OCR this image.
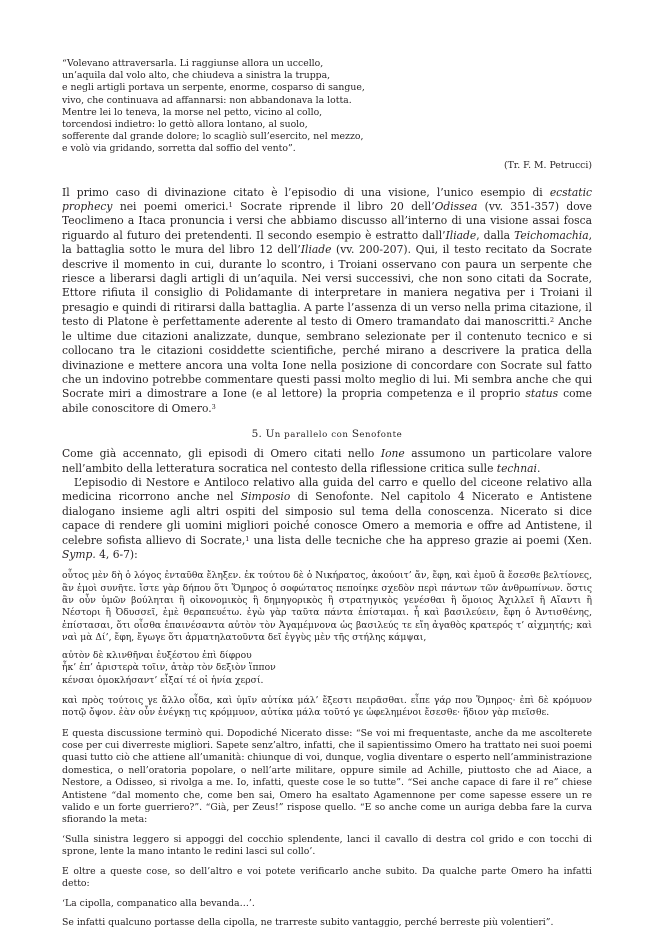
“Volevano attraversarla. Li raggiunse allora un uccello,
un’aquila dal volo alto, che chiudeva a sinistra la truppa,
e negli artigli portava un serpente, enorme, cosparso di sangue,
vivo, che continuava ad affannarsi: non abbandonava la lotta.
Mentre lei lo teneva, la morse nel petto, vicino al collo,
torcendosi indietro: lo gettò allora lontano, al suolo,
sofferente dal grande dolore; lo scagliò sull’esercito, nel mezzo,
e volò via gridando, sorretta dal soffio del vento”.
(Tr. F. M. Petrucci)

Il primo caso di divinazione citato è l’episodio di una visione, l’unico esempio di ecstatic prophecy nei poemi omerici.$^1$ Socrate riprende il libro 20 dell’Odissea (vv. 351-357) dove Teoclimeno a Itaca pronuncia i versi che abbiamo discusso all’interno di una visione assai fosca riguardo al futuro dei pretendenti. Il secondo esempio è estratto dall’Iliade, dalla Teichomachia, la battaglia sotto le mura del libro 12 dell’Iliade (vv. 200-207). Qui, il testo recitato da Socrate descrive il momento in cui, durante lo scontro, i Troiani osservano con paura un serpente che riesce a liberarsi dagli artigli di un’aquila. Nei versi successivi, che non sono citati da Socrate, Ettore rifiuta il consiglio di Polidamante di interpretare in maniera negativa per i Troiani il presagio e quindi di ritirarsi dalla battaglia. A parte l’assenza di un verso nella prima citazione, il testo di Platone è perfettamente aderente al testo di Omero tramandato dai manoscritti.$^2$ Anche le ultime due citazioni analizzate, dunque, sembrano selezionate per il contenuto tecnico e si collocano tra le citazioni cosiddette scientifiche, perché mirano a descrivere la pratica della divinazione e mettere ancora una volta Ione nella posizione di concordare con Socrate sul fatto che un indovino potrebbe commentare questi passi molto meglio di lui. Mi sembra anche che qui Socrate miri a dimostrare a Ione (e al lettore) la propria competenza e il proprio status come abile conoscitore di Omero.$^3$

5. Un parallelo con Senofonte

Come già accennato, gli episodi di Omero citati nello Ione assumono un particolare valore nell’ambito della letteratura socratica nel contesto della riflessione critica sulle technai.

L’episodio di Nestore e Antiloco relativo alla guida del carro e quello del ciceone relativo alla medicina ricorrono anche nel Simposio di Senofonte. Nel capitolo 4 Nicerato e Antistene dialogano insieme agli altri ospiti del simposio sul tema della conoscenza. Nicerato si dice capace di rendere gli uomini migliori poiché conosce Omero a memoria e offre ad Antistene, il celebre sofista allievo di Socrate,$^1$ una lista delle tecniche che ha appreso grazie ai poemi (Xen. Symp. 4, 6-7):

οὗτος μὲν δὴ ὁ λόγος ἐνταῦθα ἔληξεν. ἐκ τούτου δὲ ὁ Νικήρατος, ἀκούοιτ’ ἄν, ἔφη, καὶ ἐμοῦ ἃ ἔσεσθε βελτίονες, ἂν ἐμοὶ συνῆτε. ἴστε γὰρ δήπου ὅτι Ὅμηρος ὁ σοφώτατος πεποίηκε σχεδὸν περὶ πάντων τῶν ἀνθρωπίνων. ὅστις ἂν οὖν ὑμῶν βούληται ἢ οἰκονομικὸς ἢ δημηγορικὸς ἢ στρατηγικὸς γενέσθαι ἢ ὅμοιος Ἀχιλλεῖ ἢ Αἴαντι ἢ Νέστορι ἢ Ὀδυσσεῖ, ἐμὲ θεραπευέτω. ἐγὼ γὰρ ταῦτα πάντα ἐπίσταμαι. ἦ καὶ βασιλεύειν, ἔφη ὁ Ἀντισθένης, ἐπίστασαι, ὅτι οἶσθα ἐπαινέσαντα αὐτὸν τὸν Ἀγαμέμνονα ὡς βασιλεύς τε εἴη ἀγαθὸς κρατερός τ’ αἰχμητής; καὶ ναὶ μὰ Δί’, ἔφη, ἔγωγε ὅτι ἁρματηλατοῦντα δεῖ ἐγγὺς μὲν τῆς στήλης κάμψαι,

αὐτὸν δὲ κλινθῆναι ἐυξέστου ἐπὶ δίφρου
ἦκ’ ἐπ’ ἀριστερὰ τοῖιν, ἀτὰρ τὸν δεξιὸν ἵππον
κένσαι ὁμοκλήσαντ’ εἶξαί τέ οἱ ἡνία χερσί.

καὶ πρὸς τούτοις γε ἄλλο οἶδα, καὶ ὑμῖν αὐτίκα μάλ’ ἔξεστι πειρᾶσθαι. εἶπε γάρ που Ὅμηρος· ἐπὶ δὲ κρόμυον ποτῷ ὄψον. ἐὰν οὖν ἐνέγκῃ τις κρόμμυον, αὐτίκα μάλα τοῦτό γε ὠφελημένοι ἔσεσθε· ἥδιον γὰρ πιεῖσθε.

E questa discussione terminò qui. Dopodiché Nicerato disse: “Se voi mi frequentaste, anche da me ascolterete cose per cui diverreste migliori. Sapete senz’altro, infatti, che il sapientissimo Omero ha trattato nei suoi poemi quasi tutto ciò che attiene all’umanità: chiunque di voi, dunque, voglia diventare o esperto nell’amministrazione domestica, o nell’oratoria popolare, o nell’arte militare, oppure simile ad Achille, piuttosto che ad Aiace, a Nestore, a Odisseo, si rivolga a me. Io, infatti, queste cose le so tutte”. “Sei anche capace di fare il re” chiese Antistene “dal momento che, come ben sai, Omero ha esaltato Agamennone per come sapesse essere un re valido e un forte guerriero?”. “Già, per Zeus!” rispose quello. “E so anche come un auriga debba fare la curva sfiorando la meta:

‘Sulla sinistra leggero si appoggi del cocchio splendente, lanci il cavallo di destra col grido e con tocchi di sprone, lente la mano intanto le redini lasci sul collo’.

E oltre a queste cose, so dell’altro e voi potete verificarlo anche subito. Da qualche parte Omero ha infatti detto:

‘La cipolla, companatico alla bevanda…’.

Se infatti qualcuno portasse della cipolla, ne trarreste subito vantaggio, perché berreste più volentieri”.
